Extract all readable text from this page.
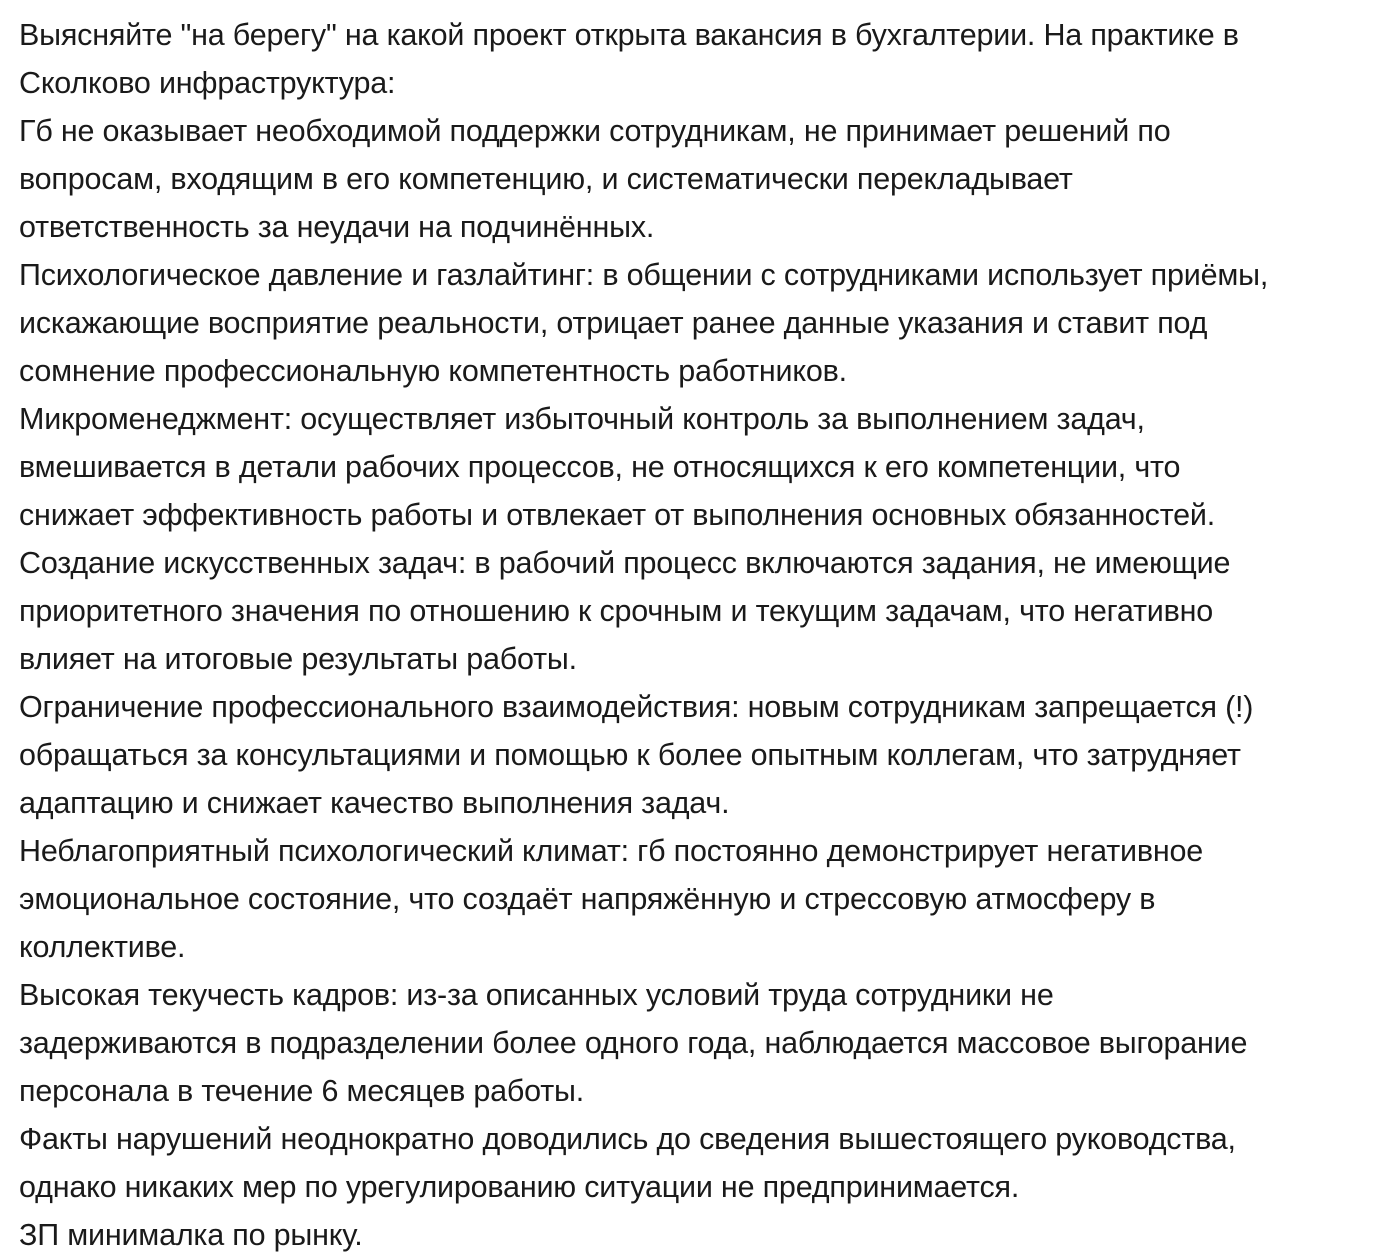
Выясняйте "на берегу" на какой проект открыта вакансия в бухгалтерии. На практике в
Сколково инфраструктура:
Гб не оказывает необходимой поддержки сотрудникам, не принимает решений по
вопросам, входящим в его компетенцию, и систематически перекладывает
ответственность за неудачи на подчинённых.
Психологическое давление и газлайтинг: в общении с сотрудниками использует приёмы,
искажающие восприятие реальности, отрицает ранее данные указания и ставит под
сомнение профессиональную компетентность работников.
Микроменеджмент: осуществляет избыточный контроль за выполнением задач,
вмешивается в детали рабочих процессов, не относящихся к его компетенции, что
снижает эффективность работы и отвлекает от выполнения основных обязанностей.
Создание искусственных задач: в рабочий процесс включаются задания, не имеющие
приоритетного значения по отношению к срочным и текущим задачам, что негативно
влияет на итоговые результаты работы.
Ограничение профессионального взаимодействия: новым сотрудникам запрещается (!)
обращаться за консультациями и помощью к более опытным коллегам, что затрудняет
адаптацию и снижает качество выполнения задач.
Неблагоприятный психологический климат: гб постоянно демонстрирует негативное
эмоциональное состояние, что создаёт напряжённую и стрессовую атмосферу в
коллективе.
Высокая текучесть кадров: из-за описанных условий труда сотрудники не
задерживаются в подразделении более одного года, наблюдается массовое выгорание
персонала в течение 6 месяцев работы.
Факты нарушений неоднократно доводились до сведения вышестоящего руководства,
однако никаких мер по урегулированию ситуации не предпринимается.
ЗП минималка по рынку.
